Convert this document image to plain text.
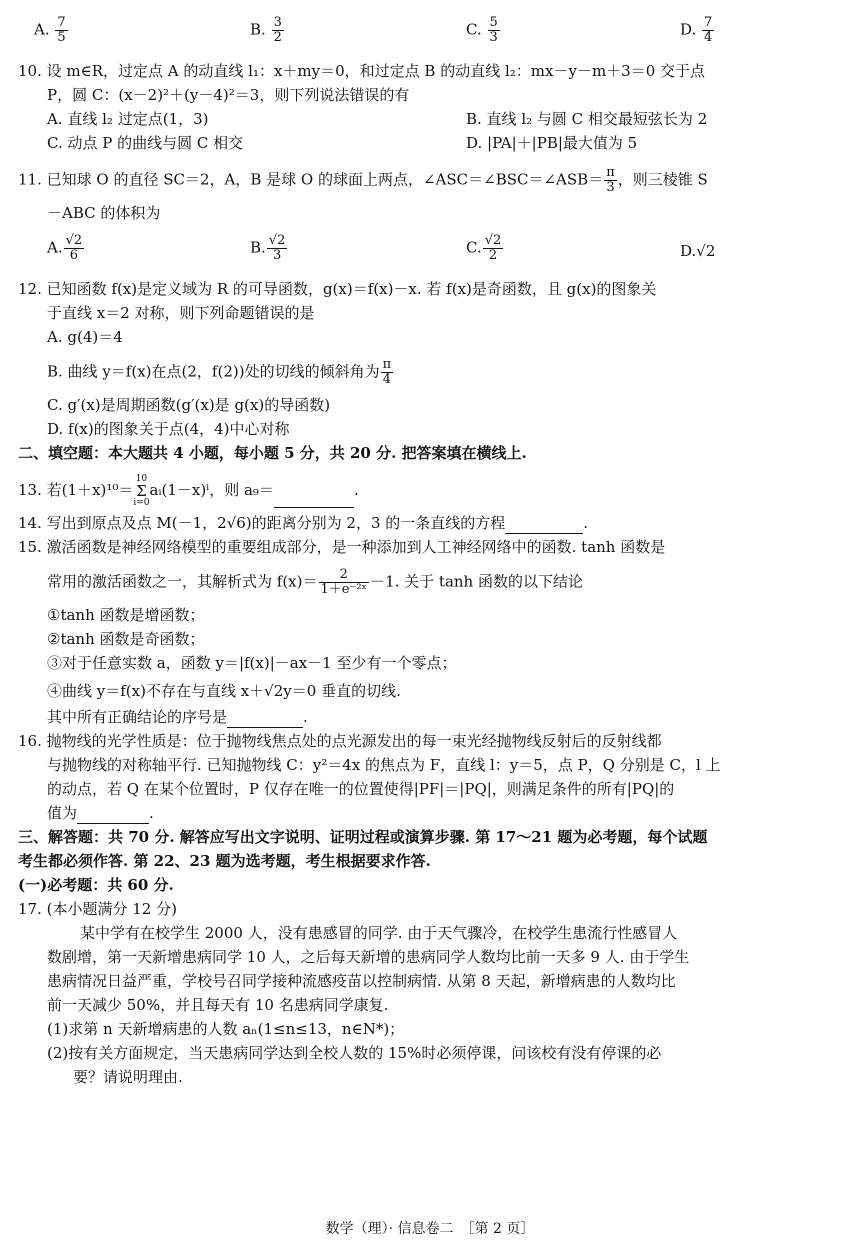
A. $\frac{7}{5}$	B. $\frac{3}{2}$	C. $\frac{5}{3}$	D. $\frac{7}{4}$
10. 设 m∈R，过定点 A 的动直线 l₁：x＋my＝0，和过定点 B 的动直线 l₂：mx－y－m＋3＝0 交于点
P，圆 C：(x－2)²＋(y－4)²＝3，则下列说法错误的有
A. 直线 l₂ 过定点(1，3)	B. 直线 l₂ 与圆 C 相交最短弦长为 2
C. 动点 P 的曲线与圆 C 相交	D. |PA|＋|PB|最大值为 5
11. 已知球 O 的直径 SC＝2，A，B 是球 O 的球面上两点，∠ASC＝∠BSC＝∠ASB＝ $\frac{\pi}{3}$ ，则三棱锥 S
－ABC 的体积为
A. $\frac{√2}{6}$	B. $\frac{√2}{3}$	C. $\frac{√2}{2}$	D.√2
12. 已知函数 f(x)是定义域为 R 的可导函数，g(x)＝f(x)－x. 若 f(x)是奇函数，且 g(x)的图象关
于直线 x＝2 对称，则下列命题错误的是
A. g(4)＝4
B. 曲线 y＝f(x)在点(2，f(2))处的切线的倾斜角为 $\frac{\pi}{4}$
C. g′(x)是周期函数(g′(x)是 g(x)的导函数)
D. f(x)的图象关于点(4，4)中心对称
二、填空题：本大题共 4 小题，每小题 5 分，共 20 分. 把答案填在横线上.
13. 若(1＋x)¹⁰＝
10
Σ
i=0
aᵢ(1－x)ⁱ，则 a₉＝	.
14. 写出到原点及点 M(－1，2√6)的距离分别为 2，3 的一条直线的方程	.
15. 激活函数是神经网络模型的重要组成部分，是一种添加到人工神经网络中的函数. tanh 函数是
常用的激活函数之一，其解析式为 $f(x)= \frac{2}{\text{1＋e⁻²ˣ}} -1$. 关于 tanh 函数的以下结论
①tanh 函数是增函数；
②tanh 函数是奇函数；
③对于任意实数 a，函数 y＝|f(x)|－ax－1 至少有一个零点；
④曲线 y＝f(x)不存在与直线 x＋√2y＝0 垂直的切线.
其中所有正确结论的序号是	.
16. 抛物线的光学性质是：位于抛物线焦点处的点光源发出的每一束光经抛物线反射后的反射线都
与抛物线的对称轴平行. 已知抛物线 C：y²＝4x 的焦点为 F，直线 l：y＝5，点 P，Q 分别是 C，l 上
的动点，若 Q 在某个位置时，P 仅存在唯一的位置使得|PF|＝|PQ|，则满足条件的所有|PQ|的
值为	.
三、解答题：共 70 分. 解答应写出文字说明、证明过程或演算步骤. 第 17～21 题为必考题，每个试题
考生都必须作答. 第 22、23 题为选考题，考生根据要求作答.
(一)必考题：共 60 分.
17. (本小题满分 12 分)
某中学有在校学生 2000 人，没有患感冒的同学. 由于天气骤冷，在校学生患流行性感冒人
数剧增，第一天新增患病同学 10 人，之后每天新增的患病同学人数均比前一天多 9 人. 由于学生
患病情况日益严重，学校号召同学接种流感疫苗以控制病情. 从第 8 天起，新增病患的人数均比
前一天减少 50%，并且每天有 10 名患病同学康复.
(1)求第 n 天新增病患的人数 aₙ(1≤n≤13，n∈N*)；
(2)按有关方面规定，当天患病同学达到全校人数的 15%时必须停课，问该校有没有停课的必
要？请说明理由.
数学（理）· 信息卷二　［第 2 页］
